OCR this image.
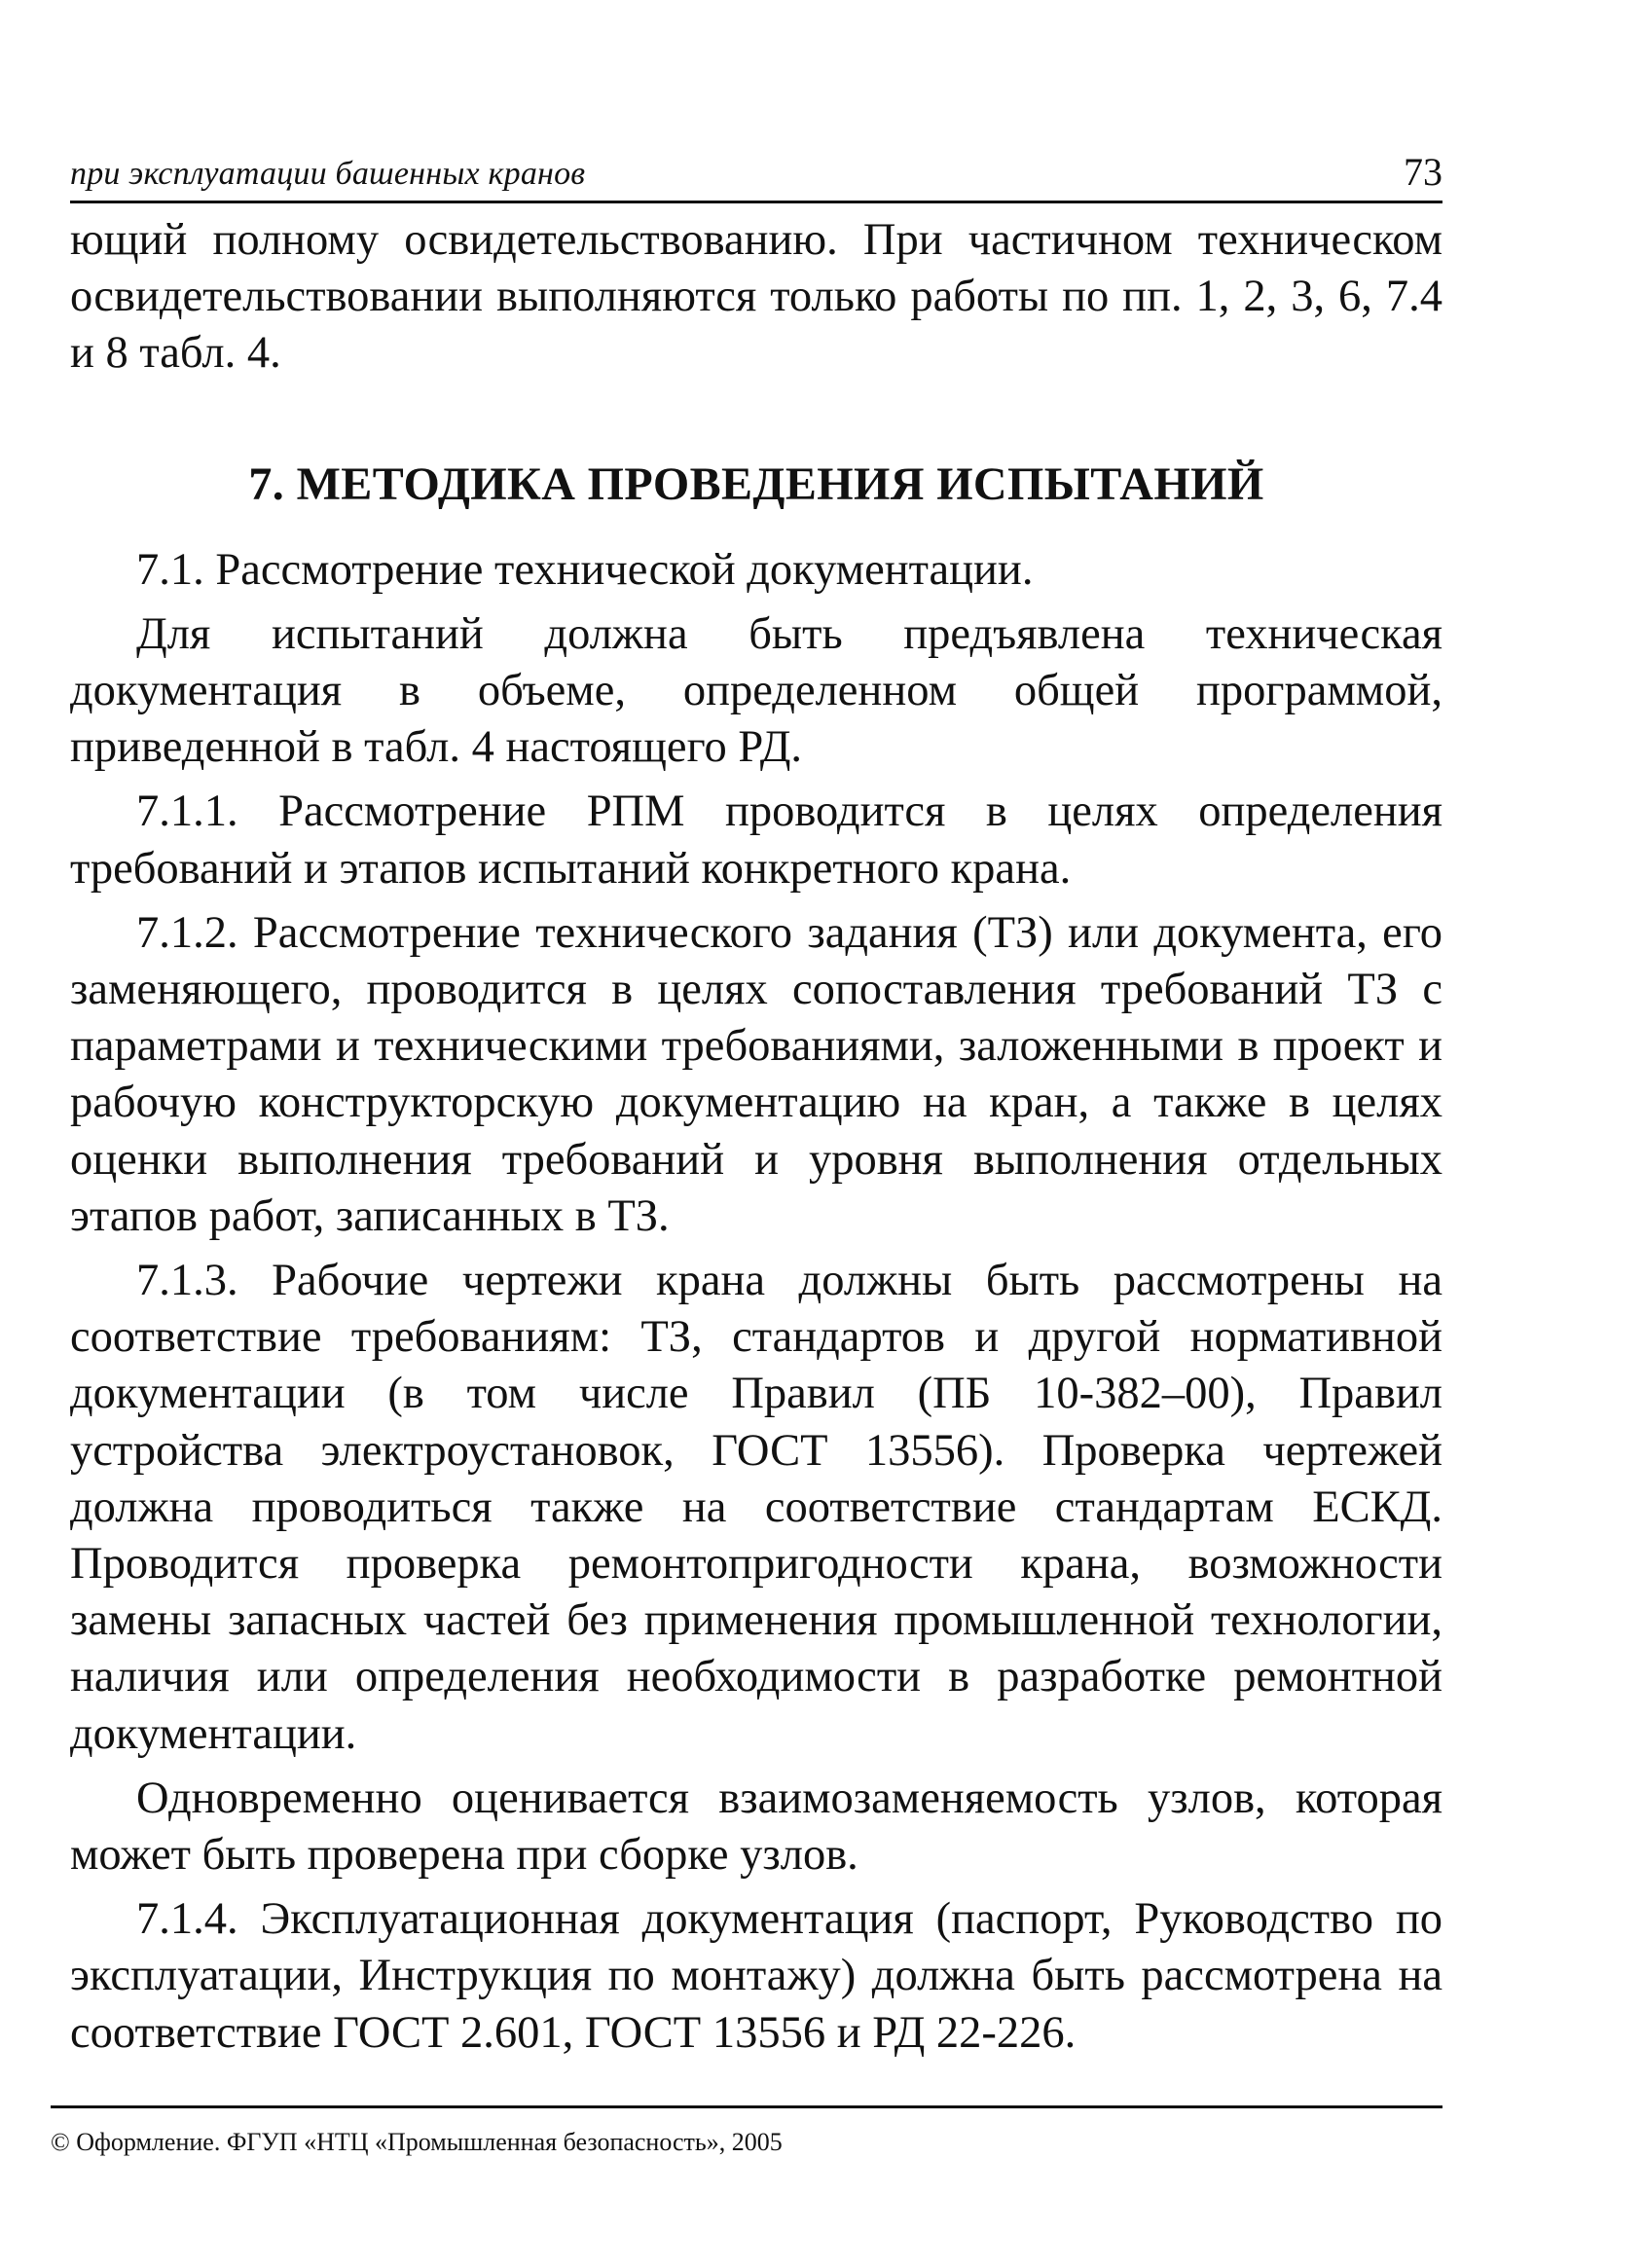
при эксплуатации башенных кранов	73

ющий полному освидетельствованию. При частичном техническом освидетельствовании выполняются только работы по пп. 1, 2, 3, 6, 7.4 и 8 табл. 4.

7. МЕТОДИКА ПРОВЕДЕНИЯ ИСПЫТАНИЙ

7.1. Рассмотрение технической документации.

Для испытаний должна быть предъявлена техническая документация в объеме, определенном общей программой, приведенной в табл. 4 настоящего РД.

7.1.1. Рассмотрение РПМ проводится в целях определения требований и этапов испытаний конкретного крана.

7.1.2. Рассмотрение технического задания (ТЗ) или документа, его заменяющего, проводится в целях сопоставления требований ТЗ с параметрами и техническими требованиями, заложенными в проект и рабочую конструкторскую документацию на кран, а также в целях оценки выполнения требований и уровня выполнения отдельных этапов работ, записанных в ТЗ.

7.1.3. Рабочие чертежи крана должны быть рассмотрены на соответствие требованиям: ТЗ, стандартов и другой нормативной документации (в том числе Правил (ПБ 10-382–00), Правил устройства электроустановок, ГОСТ 13556). Проверка чертежей должна проводиться также на соответствие стандартам ЕСКД. Проводится проверка ремонтопригодности крана, возможности замены запасных частей без применения промышленной технологии, наличия или определения необходимости в разработке ремонтной документации.

Одновременно оценивается взаимозаменяемость узлов, которая может быть проверена при сборке узлов.

7.1.4. Эксплуатационная документация (паспорт, Руководство по эксплуатации, Инструкция по монтажу) должна быть рассмотрена на соответствие ГОСТ 2.601, ГОСТ 13556 и РД 22-226.

© Оформление. ФГУП «НТЦ «Промышленная безопасность», 2005
